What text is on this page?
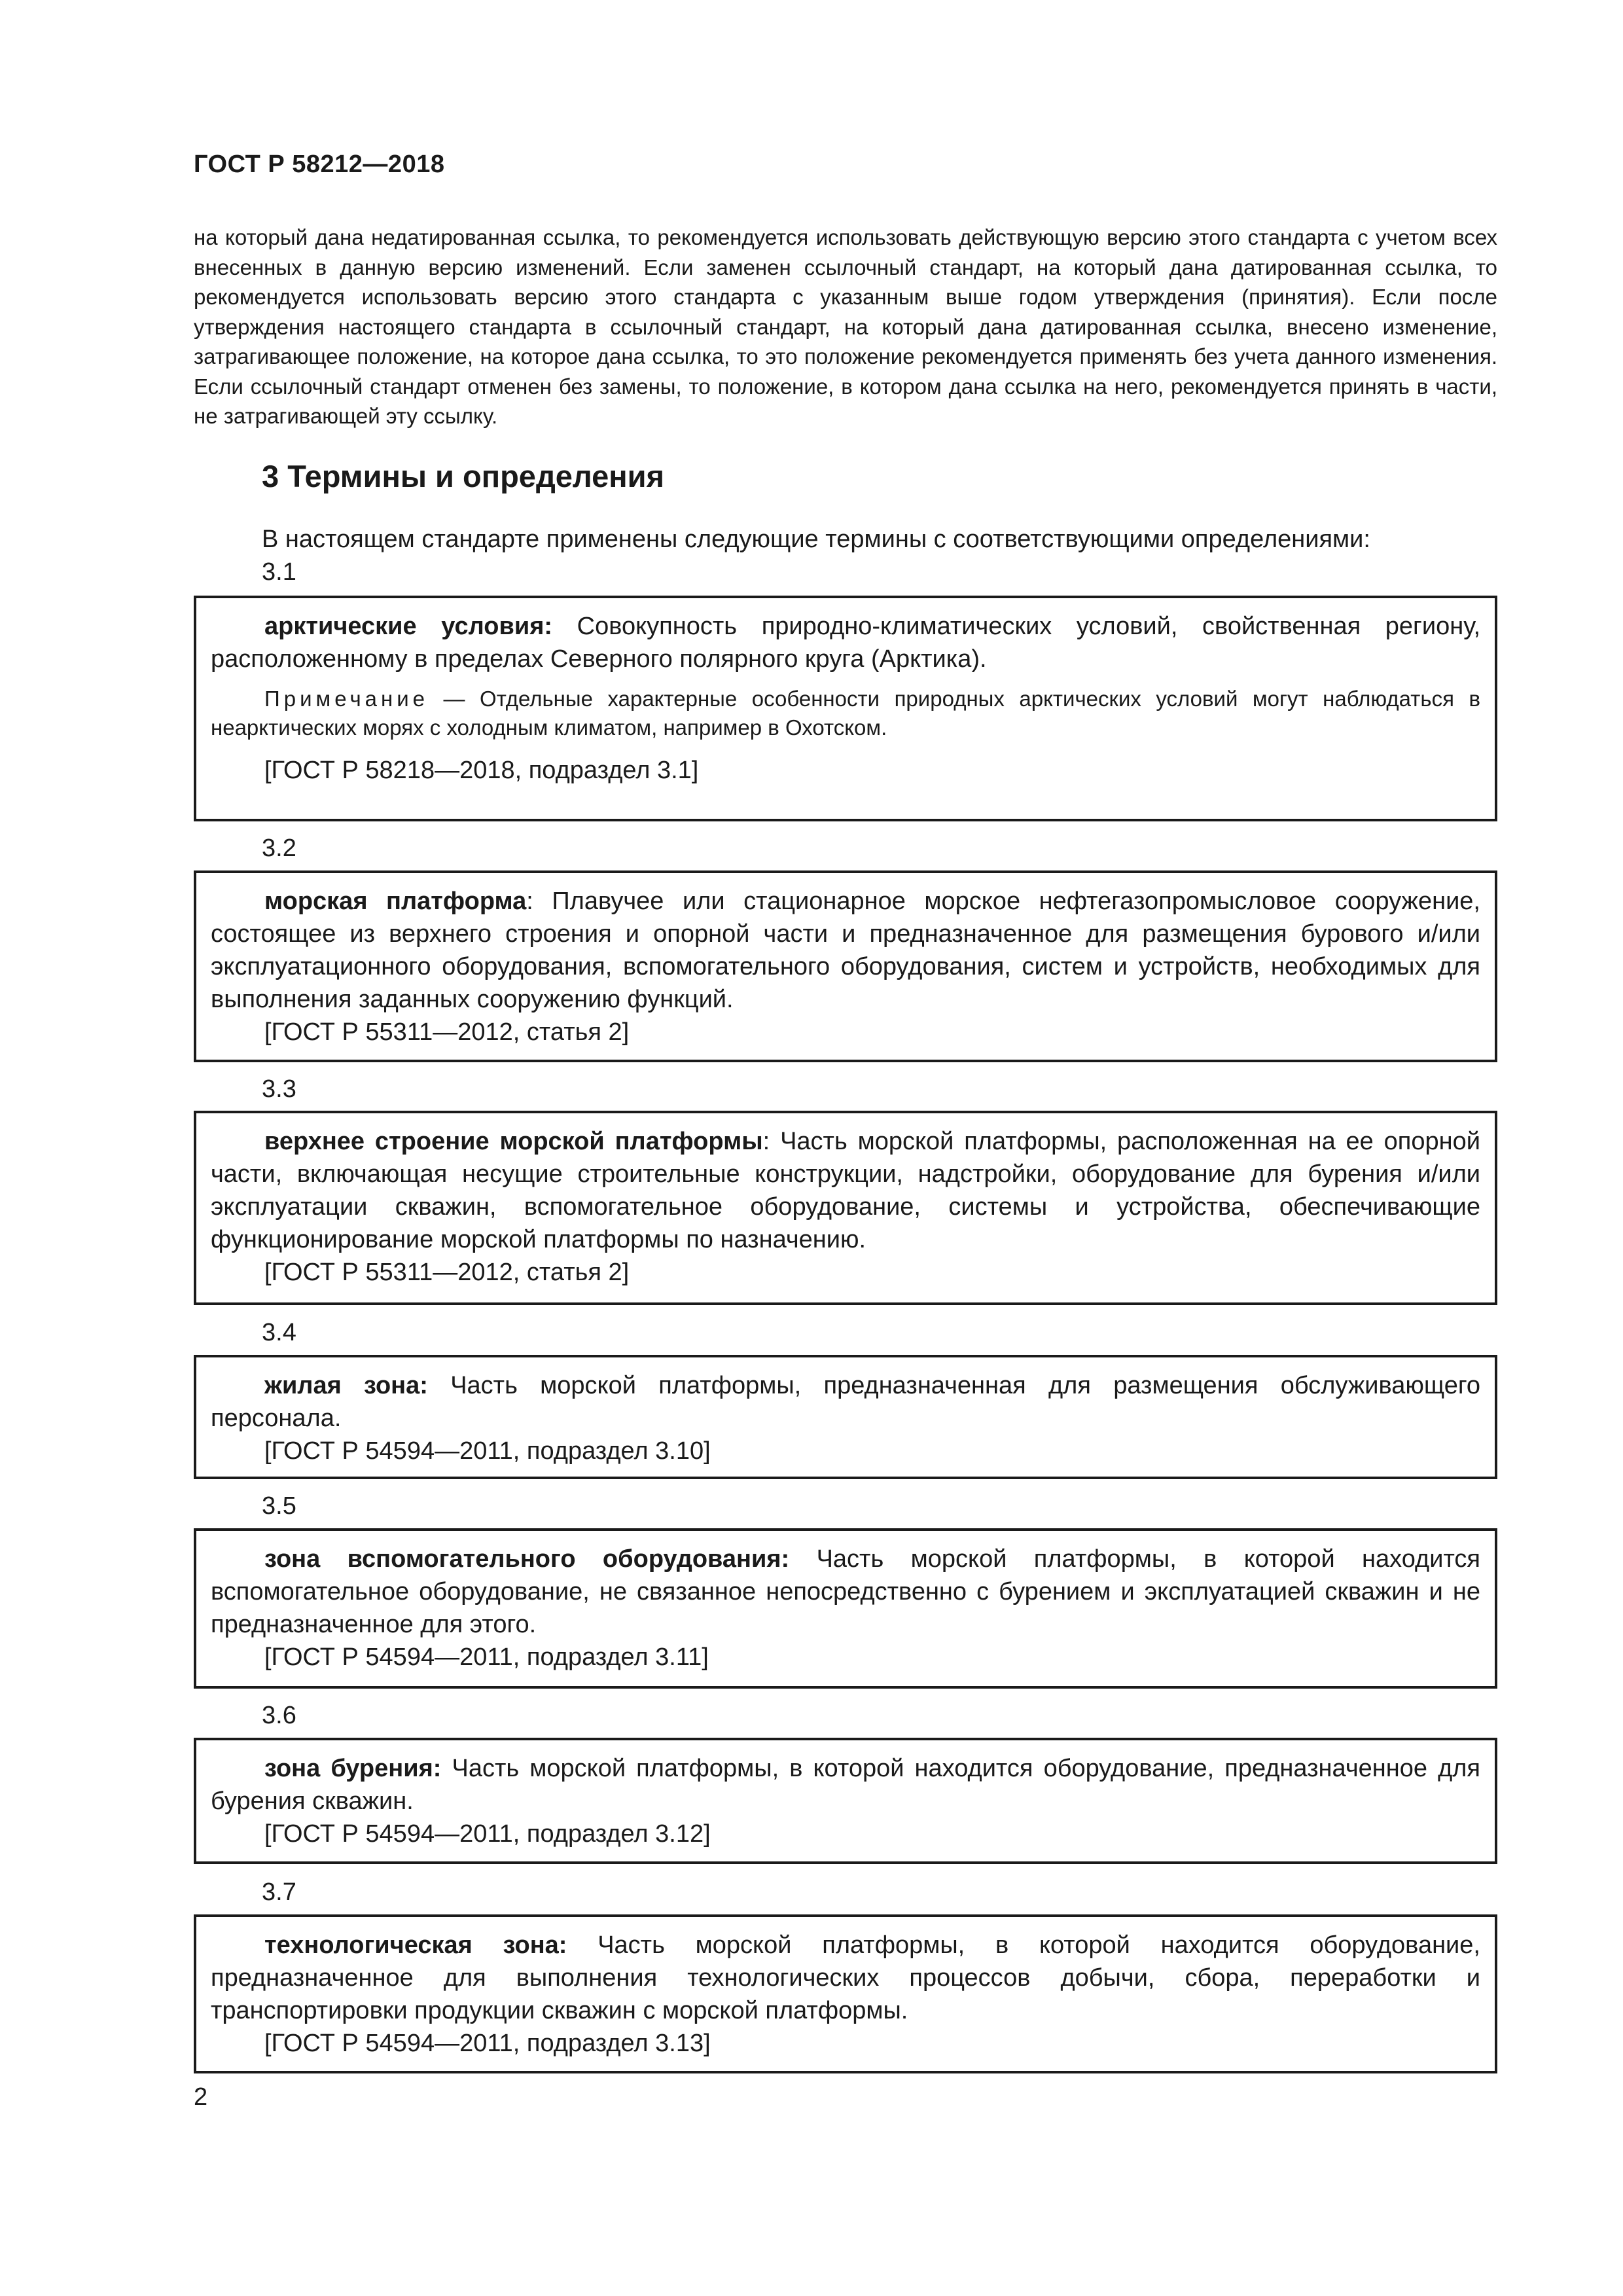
ГОСТ Р 58212—2018
на который дана недатированная ссылка, то рекомендуется использовать действующую версию этого стандарта с учетом всех внесенных в данную версию изменений. Если заменен ссылочный стандарт, на который дана датированная ссылка, то рекомендуется использовать версию этого стандарта с указанным выше годом утверждения (принятия). Если после утверждения настоящего стандарта в ссылочный стандарт, на который дана датированная ссылка, внесено изменение, затрагивающее положение, на которое дана ссылка, то это положение рекомендуется применять без учета данного изменения. Если ссылочный стандарт отменен без замены, то положение, в котором дана ссылка на него, рекомендуется принять в части, не затрагивающей эту ссылку.
3 Термины и определения
В настоящем стандарте применены следующие термины с соответствующими определениями:
3.1
арктические условия: Совокупность природно-климатических условий, свойственная региону, расположенному в пределах Северного полярного круга (Арктика).
Примечание — Отдельные характерные особенности природных арктических условий могут наблюдаться в неарктических морях с холодным климатом, например в Охотском.
[ГОСТ Р 58218—2018, подраздел 3.1]
3.2
морская платформа: Плавучее или стационарное морское нефтегазопромысловое сооружение, состоящее из верхнего строения и опорной части и предназначенное для размещения бурового и/или эксплуатационного оборудования, вспомогательного оборудования, систем и устройств, необходимых для выполнения заданных сооружению функций.
[ГОСТ Р 55311—2012, статья 2]
3.3
верхнее строение морской платформы: Часть морской платформы, расположенная на ее опорной части, включающая несущие строительные конструкции, надстройки, оборудование для бурения и/или эксплуатации скважин, вспомогательное оборудование, системы и устройства, обеспечивающие функционирование морской платформы по назначению.
[ГОСТ Р 55311—2012, статья 2]
3.4
жилая зона: Часть морской платформы, предназначенная для размещения обслуживающего персонала.
[ГОСТ Р 54594—2011, подраздел 3.10]
3.5
зона вспомогательного оборудования: Часть морской платформы, в которой находится вспомогательное оборудование, не связанное непосредственно с бурением и эксплуатацией скважин и не предназначенное для этого.
[ГОСТ Р 54594—2011, подраздел 3.11]
3.6
зона бурения: Часть морской платформы, в которой находится оборудование, предназначенное для бурения скважин.
[ГОСТ Р 54594—2011, подраздел 3.12]
3.7
технологическая зона: Часть морской платформы, в которой находится оборудование, предназначенное для выполнения технологических процессов добычи, сбора, переработки и транспортировки продукции скважин с морской платформы.
[ГОСТ Р 54594—2011, подраздел 3.13]
2
